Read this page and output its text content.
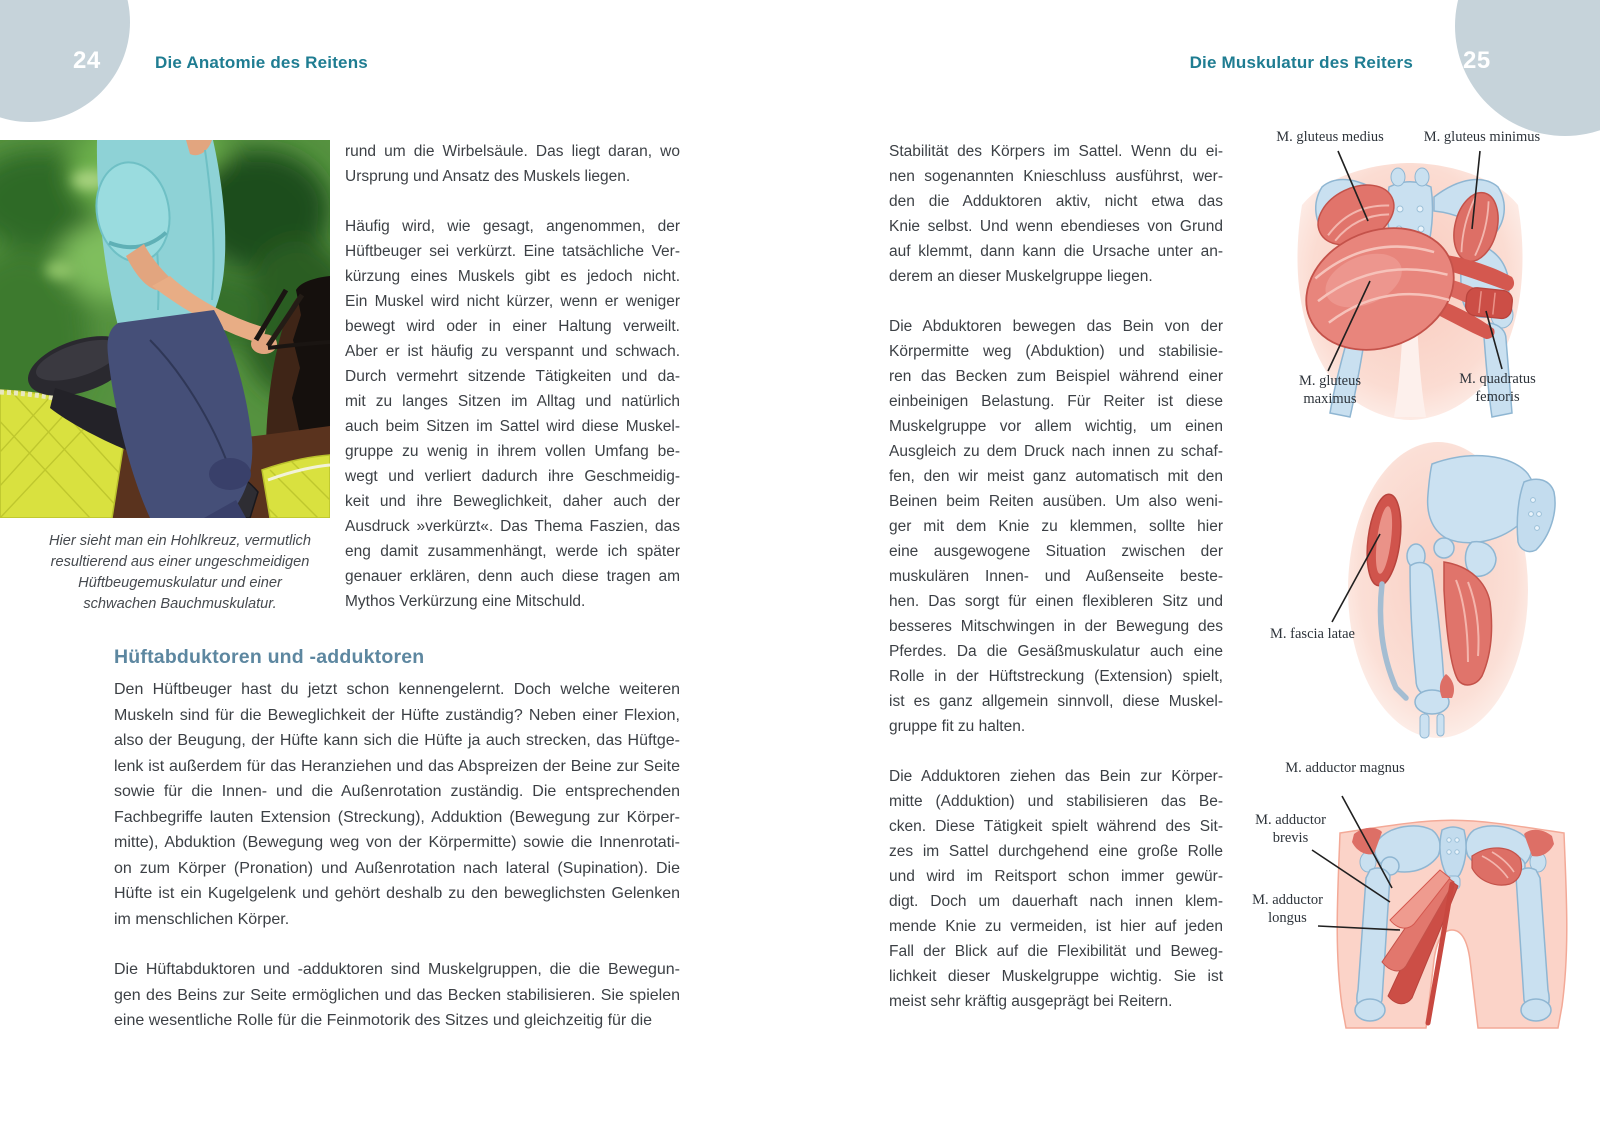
24	25
Die Anatomie des Reitens	Die Muskulatur des Reiters
Hier sieht man ein Hohlkreuz, vermutlich
resultierend aus einer ungeschmeidigen
Hüftbeugemuskulatur und einer
schwachen Bauchmuskulatur.
rund um die Wirbelsäule. Das liegt daran, wo
Ursprung und Ansatz des Muskels liegen.
Häufig wird, wie gesagt, angenommen, der
Hüftbeuger sei verkürzt. Eine tatsächliche Ver-
kürzung eines Muskels gibt es jedoch nicht.
Ein Muskel wird nicht kürzer, wenn er weniger
bewegt wird oder in einer Haltung verweilt.
Aber er ist häufig zu verspannt und schwach.
Durch vermehrt sitzende Tätigkeiten und da-
mit zu langes Sitzen im Alltag und natürlich
auch beim Sitzen im Sattel wird diese Muskel-
gruppe zu wenig in ihrem vollen Umfang be-
wegt und verliert dadurch ihre Geschmeidig-
keit und ihre Beweglichkeit, daher auch der
Ausdruck »verkürzt«. Das Thema Faszien, das
eng damit zusammenhängt, werde ich später
genauer erklären, denn auch diese tragen am
Mythos Verkürzung eine Mitschuld.
Hüftabduktoren und -adduktoren
Den Hüftbeuger hast du jetzt schon kennengelernt. Doch welche weiteren
Muskeln sind für die Beweglichkeit der Hüfte zuständig? Neben einer Flexion,
also der Beugung, der Hüfte kann sich die Hüfte ja auch strecken, das Hüftge-
lenk ist außerdem für das Heranziehen und das Abspreizen der Beine zur Seite
sowie für die Innen- und die Außenrotation zuständig. Die entsprechenden
Fachbegriffe lauten Extension (Streckung), Adduktion (Bewegung zur Körper-
mitte), Abduktion (Bewegung weg von der Körpermitte) sowie die Innenrotati-
on zum Körper (Pronation) und Außenrotation nach lateral (Supination). Die
Hüfte ist ein Kugelgelenk und gehört deshalb zu den beweglichsten Gelenken
im menschlichen Körper.
Die Hüftabduktoren und -adduktoren sind Muskelgruppen, die die Bewegun-
gen des Beins zur Seite ermöglichen und das Becken stabilisieren. Sie spielen
eine wesentliche Rolle für die Feinmotorik des Sitzes und gleichzeitig für die
Stabilität des Körpers im Sattel. Wenn du ei-
nen sogenannten Knieschluss ausführst, wer-
den die Adduktoren aktiv, nicht etwa das
Knie selbst. Und wenn ebendieses von Grund
auf klemmt, dann kann die Ursache unter an-
derem an dieser Muskelgruppe liegen.
Die Abduktoren bewegen das Bein von der
Körpermitte weg (Abduktion) und stabilisie-
ren das Becken zum Beispiel während einer
einbeinigen Belastung. Für Reiter ist diese
Muskelgruppe vor allem wichtig, um einen
Ausgleich zu dem Druck nach innen zu schaf-
fen, den wir meist ganz automatisch mit den
Beinen beim Reiten ausüben. Um also weni-
ger mit dem Knie zu klemmen, sollte hier
eine ausgewogene Situation zwischen der
muskulären Innen- und Außenseite beste-
hen. Das sorgt für einen flexibleren Sitz und
besseres Mitschwingen in der Bewegung des
Pferdes. Da die Gesäßmuskulatur auch eine
Rolle in der Hüftstreckung (Extension) spielt,
ist es ganz allgemein sinnvoll, diese Muskel-
gruppe fit zu halten.
Die Adduktoren ziehen das Bein zur Körper-
mitte (Adduktion) und stabilisieren das Be-
cken. Diese Tätigkeit spielt während des Sit-
zes im Sattel durchgehend eine große Rolle
und wird im Reitsport schon immer gewür-
digt. Doch um dauerhaft nach innen klem-
mende Knie zu vermeiden, ist hier auf jeden
Fall der Blick auf die Flexibilität und Beweg-
lichkeit dieser Muskelgruppe wichtig. Sie ist
meist sehr kräftig ausgeprägt bei Reitern.
M. gluteus medius	M. gluteus minimus
M. gluteus maximus
M. quadratus femoris
M. fascia latae
M. adductor magnus
M. adductor brevis
M. adductor longus
